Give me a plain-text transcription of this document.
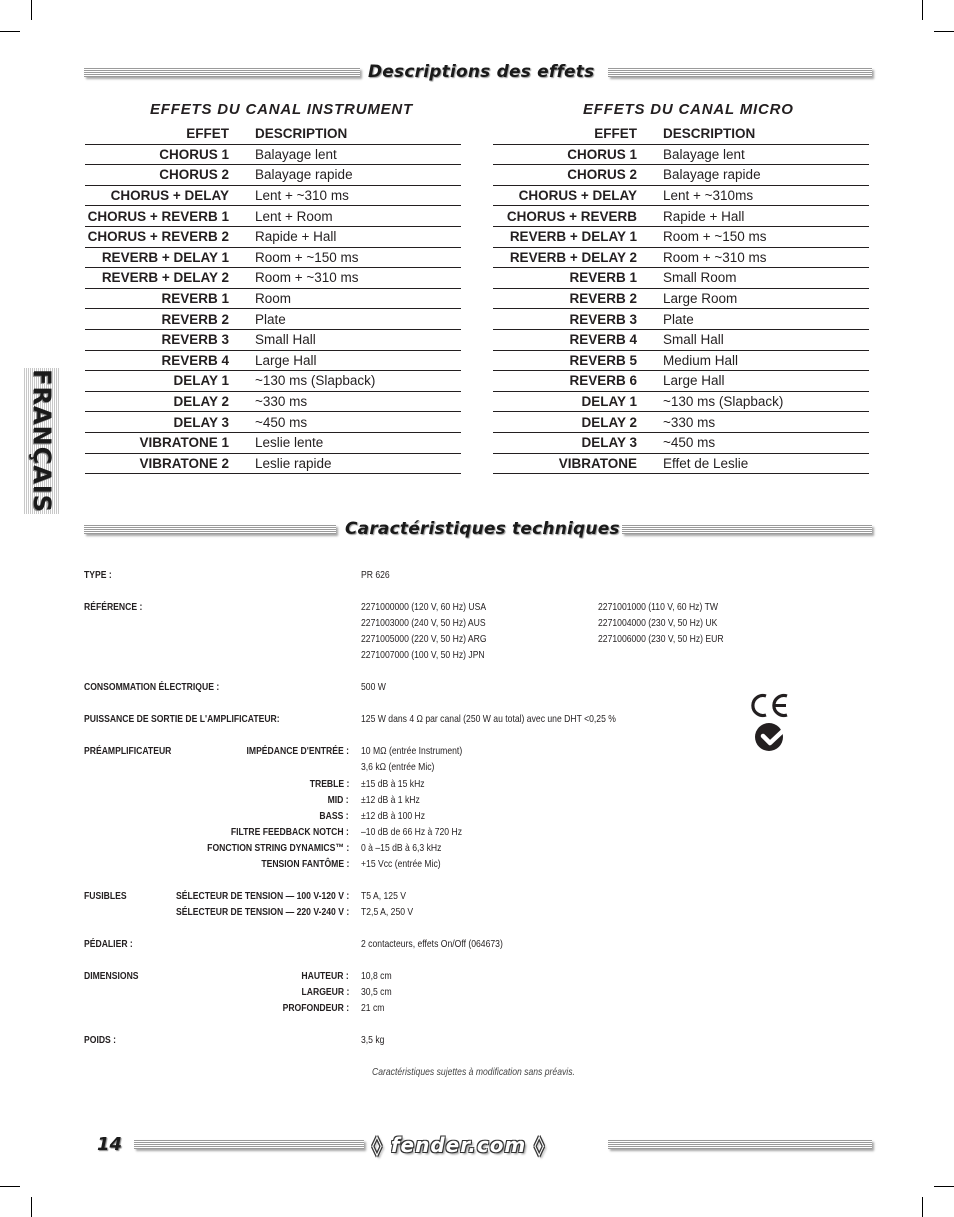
Descriptions des effets
EFFETS DU CANAL INSTRUMENT
EFFET	DESCRIPTION
CHORUS 1	Balayage lent
CHORUS 2	Balayage rapide
CHORUS + DELAY	Lent + ~310 ms
CHORUS + REVERB 1	Lent + Room
CHORUS + REVERB 2	Rapide + Hall
REVERB + DELAY 1	Room + ~150 ms
REVERB + DELAY 2	Room + ~310 ms
REVERB 1	Room
REVERB 2	Plate
REVERB 3	Small Hall
REVERB 4	Large Hall
DELAY 1	~130 ms (Slapback)
DELAY 2	~330 ms
DELAY 3	~450 ms
VIBRATONE 1	Leslie lente
VIBRATONE 2	Leslie rapide
EFFETS DU CANAL MICRO
EFFET	DESCRIPTION
CHORUS 1	Balayage lent
CHORUS 2	Balayage rapide
CHORUS + DELAY	Lent + ~310ms
CHORUS + REVERB	Rapide + Hall
REVERB + DELAY 1	Room + ~150 ms
REVERB + DELAY 2	Room + ~310 ms
REVERB 1	Small Room
REVERB 2	Large Room
REVERB 3	Plate
REVERB 4	Small Hall
REVERB 5	Medium Hall
REVERB 6	Large Hall
DELAY 1	~130 ms (Slapback)
DELAY 2	~330 ms
DELAY 3	~450 ms
VIBRATONE	Effet de Leslie
FRANÇAIS
Caractéristiques techniques
TYPE :	PR 626
RÉFÉRENCE :	2271000000 (120 V, 60 Hz) USA
2271003000 (240 V, 50 Hz) AUS
2271005000 (220 V, 50 Hz) ARG
2271007000 (100 V, 50 Hz) JPN
2271001000 (110 V, 60 Hz) TW
2271004000 (230 V, 50 Hz) UK
2271006000 (230 V, 50 Hz) EUR
CONSOMMATION ÉLECTRIQUE :	500 W
PUISSANCE DE SORTIE DE L'AMPLIFICATEUR:	125 W dans 4 Ω par canal (250 W au total) avec une DHT <0,25 %
PRÉAMPLIFICATEUR	IMPÉDANCE D'ENTRÉE : 10 MΩ (entrée Instrument)
3,6 kΩ (entrée Mic)
TREBLE : ±15 dB à 15 kHz
MID : ±12 dB à 1 kHz
BASS : ±12 dB à 100 Hz
FILTRE FEEDBACK NOTCH : –10 dB de 66 Hz à 720 Hz
FONCTION STRING DYNAMICS™ : 0 à –15 dB à 6,3 kHz
TENSION FANTÔME : +15 Vcc (entrée Mic)
FUSIBLES	SÉLECTEUR DE TENSION — 100 V-120 V : T5 A, 125 V
SÉLECTEUR DE TENSION — 220 V-240 V : T2,5 A, 250 V
PÉDALIER :	2 contacteurs, effets On/Off (064673)
DIMENSIONS	HAUTEUR : 10,8 cm
LARGEUR : 30,5 cm
PROFONDEUR : 21 cm
POIDS :	3,5 kg
Caractéristiques sujettes à modification sans préavis.
14	◊ fender.com ◊
